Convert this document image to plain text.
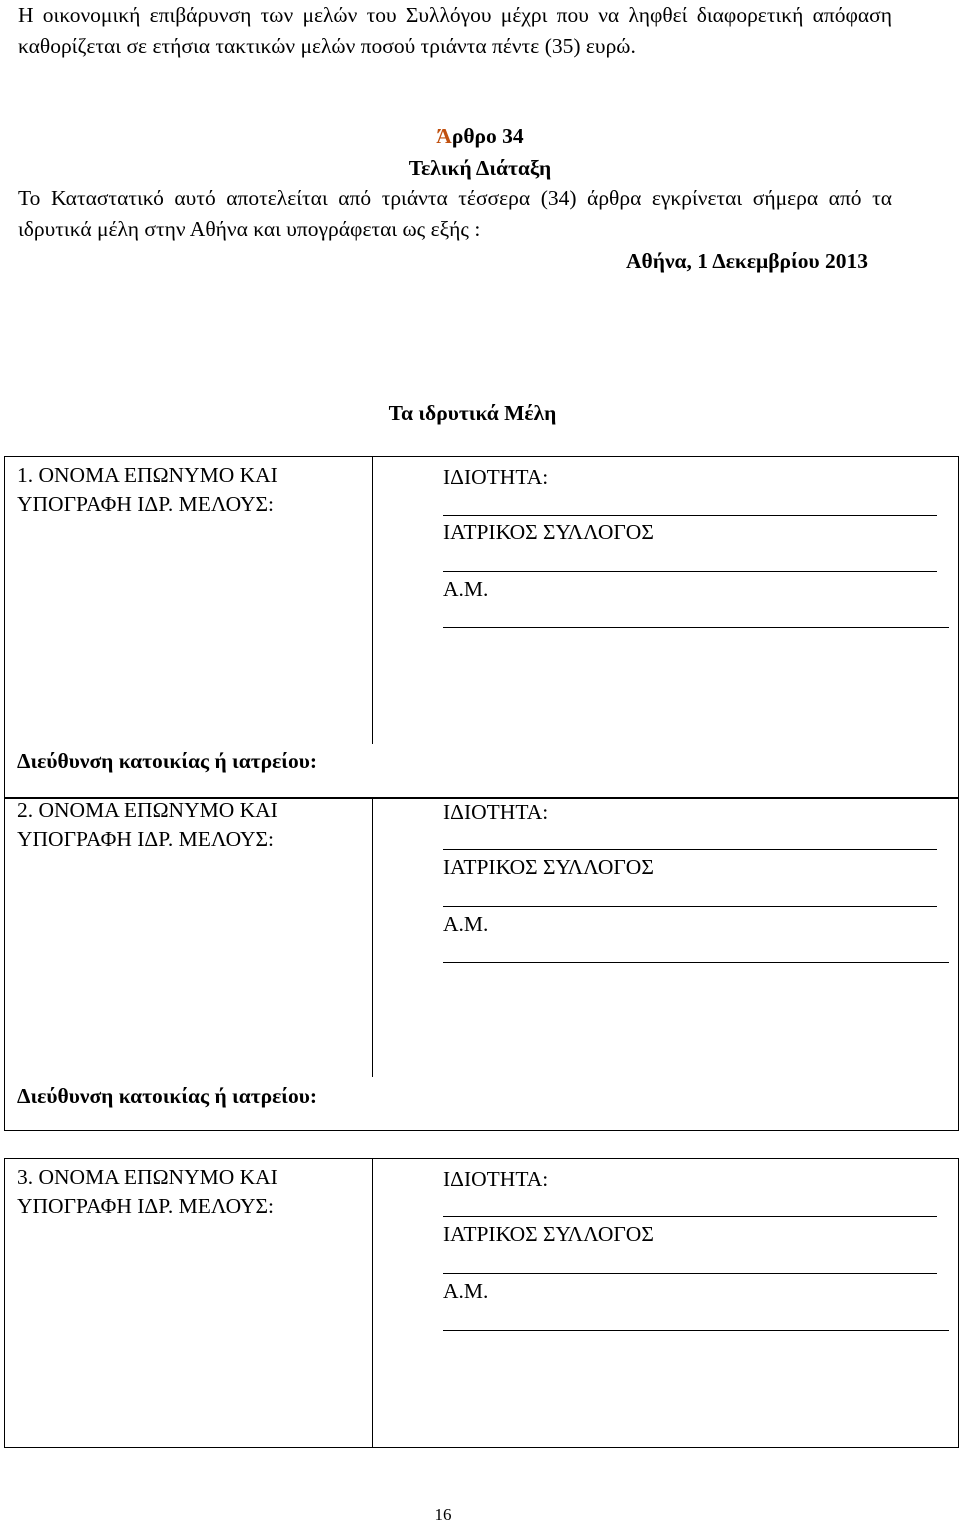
Η οικονομική επιβάρυνση των μελών του Συλλόγου μέχρι που να ληφθεί διαφορετική απόφαση καθορίζεται σε ετήσια τακτικών μελών ποσού τριάντα πέντε (35) ευρώ.
Άρθρο 34
Τελική Διάταξη
Το Καταστατικό αυτό αποτελείται από τριάντα τέσσερα (34) άρθρα εγκρίνεται σήμερα από τα ιδρυτικά μέλη στην Αθήνα και υπογράφεται ως εξής :
Αθήνα, 1 Δεκεμβρίου 2013
Τα ιδρυτικά Μέλη
1. ΟΝΟΜΑ ΕΠΩΝΥΜΟ ΚΑΙ ΥΠΟΓΡΑΦΗ ΙΔΡ. ΜΕΛΟΥΣ:
ΙΔΙΟΤΗΤΑ:
ΙΑΤΡΙΚΟΣ ΣΥΛΛΟΓΟΣ
Α.Μ.
Διεύθυνση κατοικίας ή ιατρείου:
2. ΟΝΟΜΑ ΕΠΩΝΥΜΟ ΚΑΙ ΥΠΟΓΡΑΦΗ ΙΔΡ. ΜΕΛΟΥΣ:
ΙΔΙΟΤΗΤΑ:
ΙΑΤΡΙΚΟΣ ΣΥΛΛΟΓΟΣ
Α.Μ.
Διεύθυνση κατοικίας ή ιατρείου:
3. ΟΝΟΜΑ ΕΠΩΝΥΜΟ ΚΑΙ ΥΠΟΓΡΑΦΗ ΙΔΡ. ΜΕΛΟΥΣ:
ΙΔΙΟΤΗΤΑ:
ΙΑΤΡΙΚΟΣ ΣΥΛΛΟΓΟΣ
Α.Μ.
16
